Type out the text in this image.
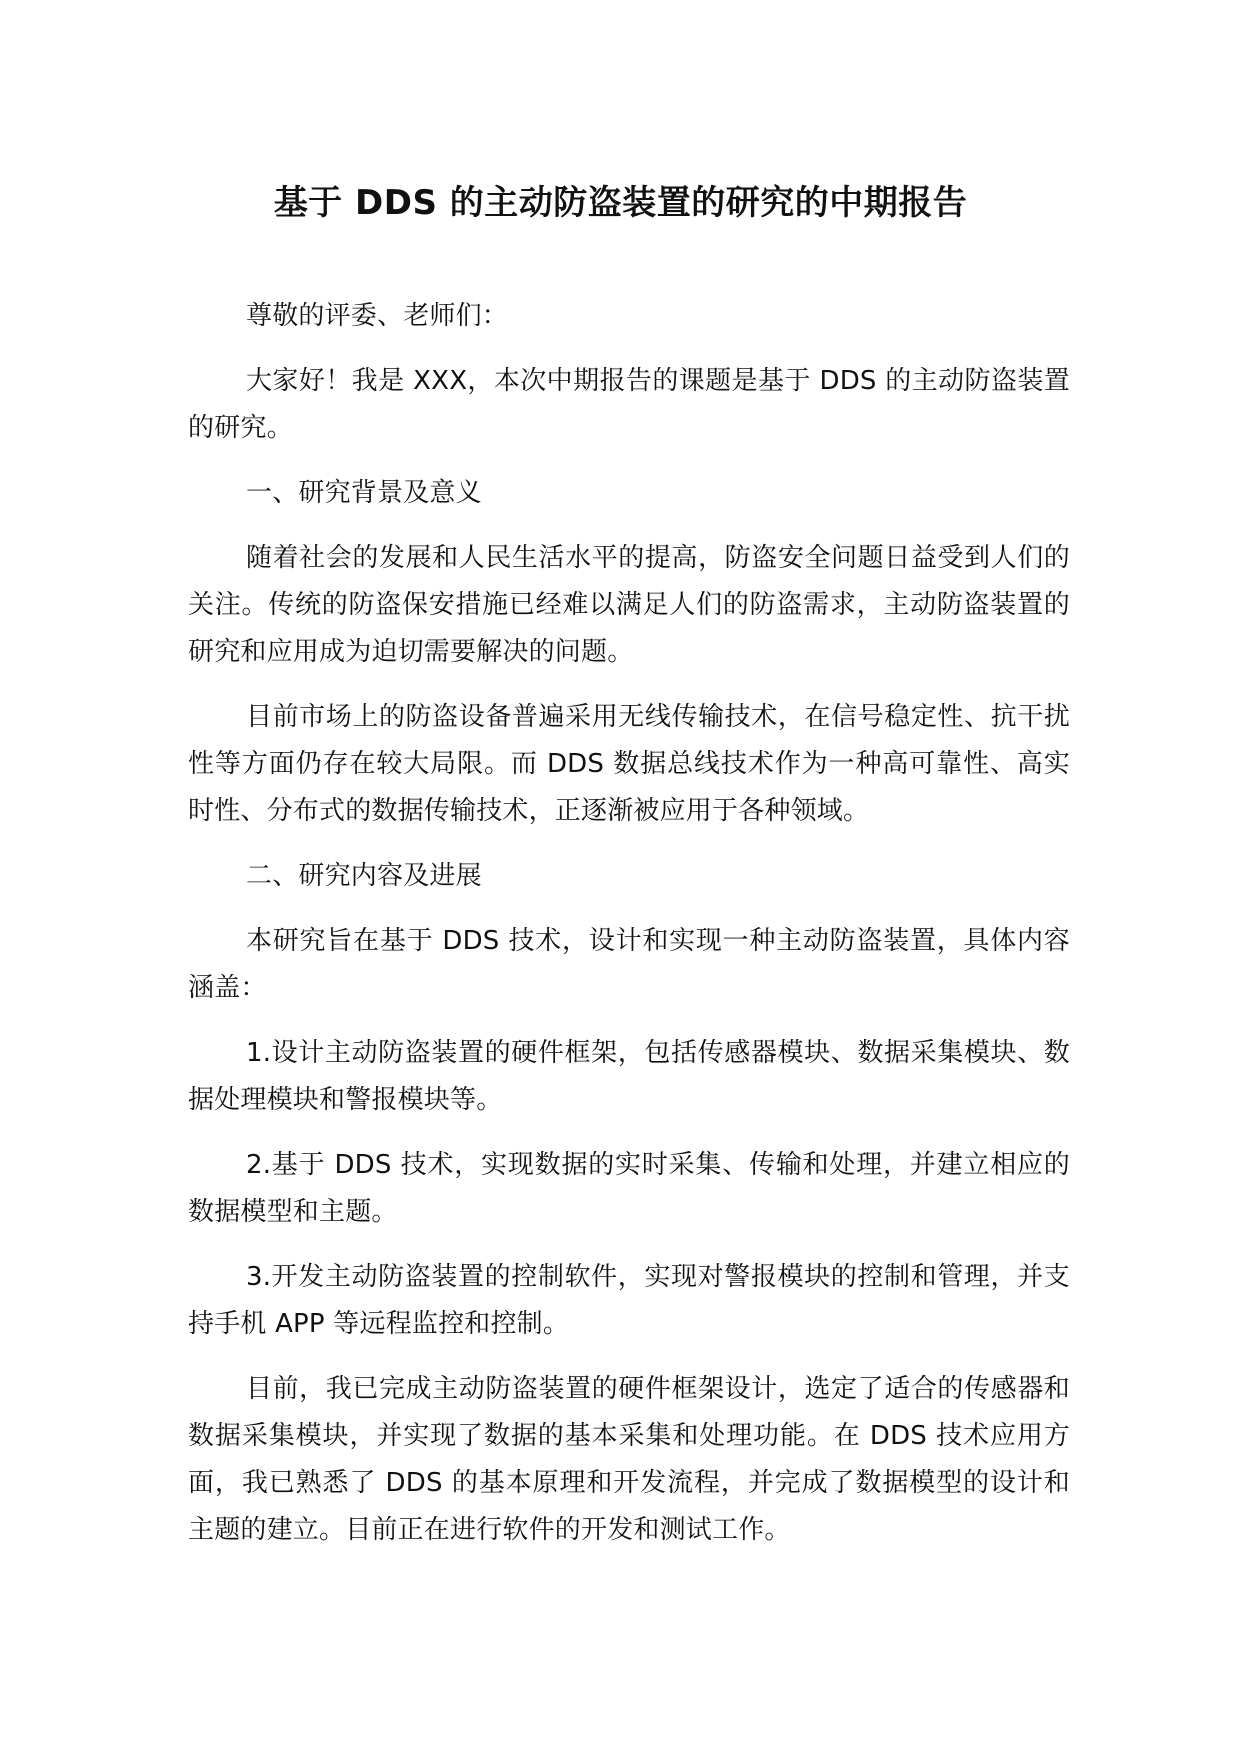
基于 DDS 的主动防盗装置的研究的中期报告

尊敬的评委、老师们：

大家好！我是 XXX，本次中期报告的课题是基于 DDS 的主动防盗装置的研究。

一、研究背景及意义

随着社会的发展和人民生活水平的提高，防盗安全问题日益受到人们的关注。传统的防盗保安措施已经难以满足人们的防盗需求，主动防盗装置的研究和应用成为迫切需要解决的问题。

目前市场上的防盗设备普遍采用无线传输技术，在信号稳定性、抗干扰性等方面仍存在较大局限。而 DDS 数据总线技术作为一种高可靠性、高实时性、分布式的数据传输技术，正逐渐被应用于各种领域。

二、研究内容及进展

本研究旨在基于 DDS 技术，设计和实现一种主动防盗装置，具体内容涵盖：

1.设计主动防盗装置的硬件框架，包括传感器模块、数据采集模块、数据处理模块和警报模块等。

2.基于 DDS 技术，实现数据的实时采集、传输和处理，并建立相应的数据模型和主题。

3.开发主动防盗装置的控制软件，实现对警报模块的控制和管理，并支持手机 APP 等远程监控和控制。

目前，我已完成主动防盗装置的硬件框架设计，选定了适合的传感器和数据采集模块，并实现了数据的基本采集和处理功能。在 DDS 技术应用方面，我已熟悉了 DDS 的基本原理和开发流程，并完成了数据模型的设计和主题的建立。目前正在进行软件的开发和测试工作。
